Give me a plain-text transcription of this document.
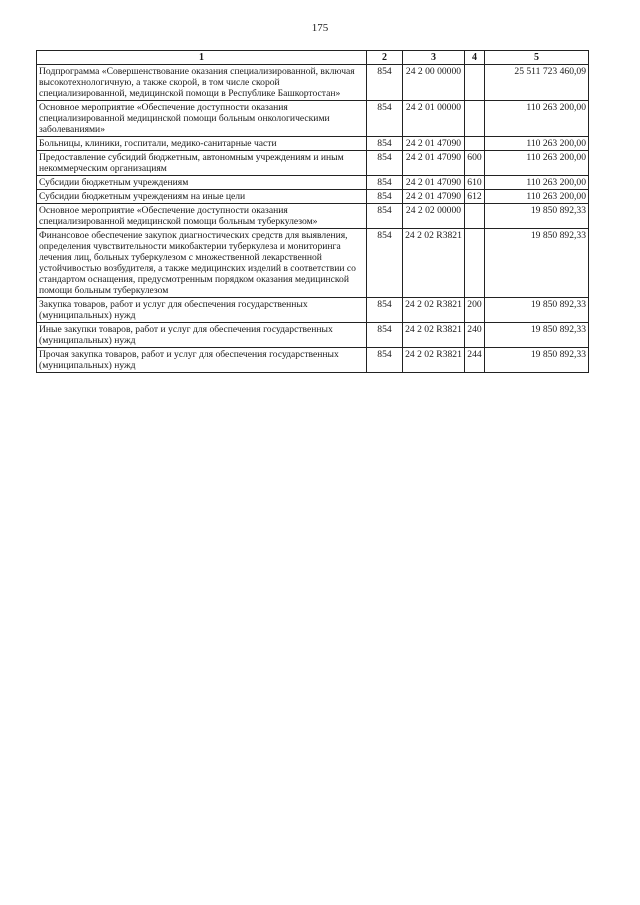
175
1	2	3	4	5
Подпрограмма «Совершенствование оказания специализированной, включая высокотехнологичную, а также скорой, в том числе скорой специализированной, медицинской помощи в Республике Башкортостан»	854	24 2 00 00000		25 511 723 460,09
Основное мероприятие «Обеспечение доступности оказания специализированной медицинской помощи больным онкологическими заболеваниями»	854	24 2 01 00000		110 263 200,00
Больницы, клиники, госпитали, медико-санитарные части	854	24 2 01 47090		110 263 200,00
Предоставление субсидий бюджетным, автономным учреждениям и иным некоммерческим организациям	854	24 2 01 47090	600	110 263 200,00
Субсидии бюджетным учреждениям	854	24 2 01 47090	610	110 263 200,00
Субсидии бюджетным учреждениям на иные цели	854	24 2 01 47090	612	110 263 200,00
Основное мероприятие «Обеспечение доступности оказания специализированной медицинской помощи больным туберкулезом»	854	24 2 02 00000		19 850 892,33
Финансовое обеспечение закупок диагностических средств для выявления, определения чувствительности микобактерии туберкулеза и мониторинга лечения лиц, больных туберкулезом с множественной лекарственной устойчивостью возбудителя, а также медицинских изделий в соответствии со стандартом оснащения, предусмотренным порядком оказания медицинской помощи больным туберкулезом	854	24 2 02 R3821		19 850 892,33
Закупка товаров, работ и услуг для обеспечения государственных (муниципальных) нужд	854	24 2 02 R3821	200	19 850 892,33
Иные закупки товаров, работ и услуг для обеспечения государственных (муниципальных) нужд	854	24 2 02 R3821	240	19 850 892,33
Прочая закупка товаров, работ и услуг для обеспечения государственных (муниципальных) нужд	854	24 2 02 R3821	244	19 850 892,33
